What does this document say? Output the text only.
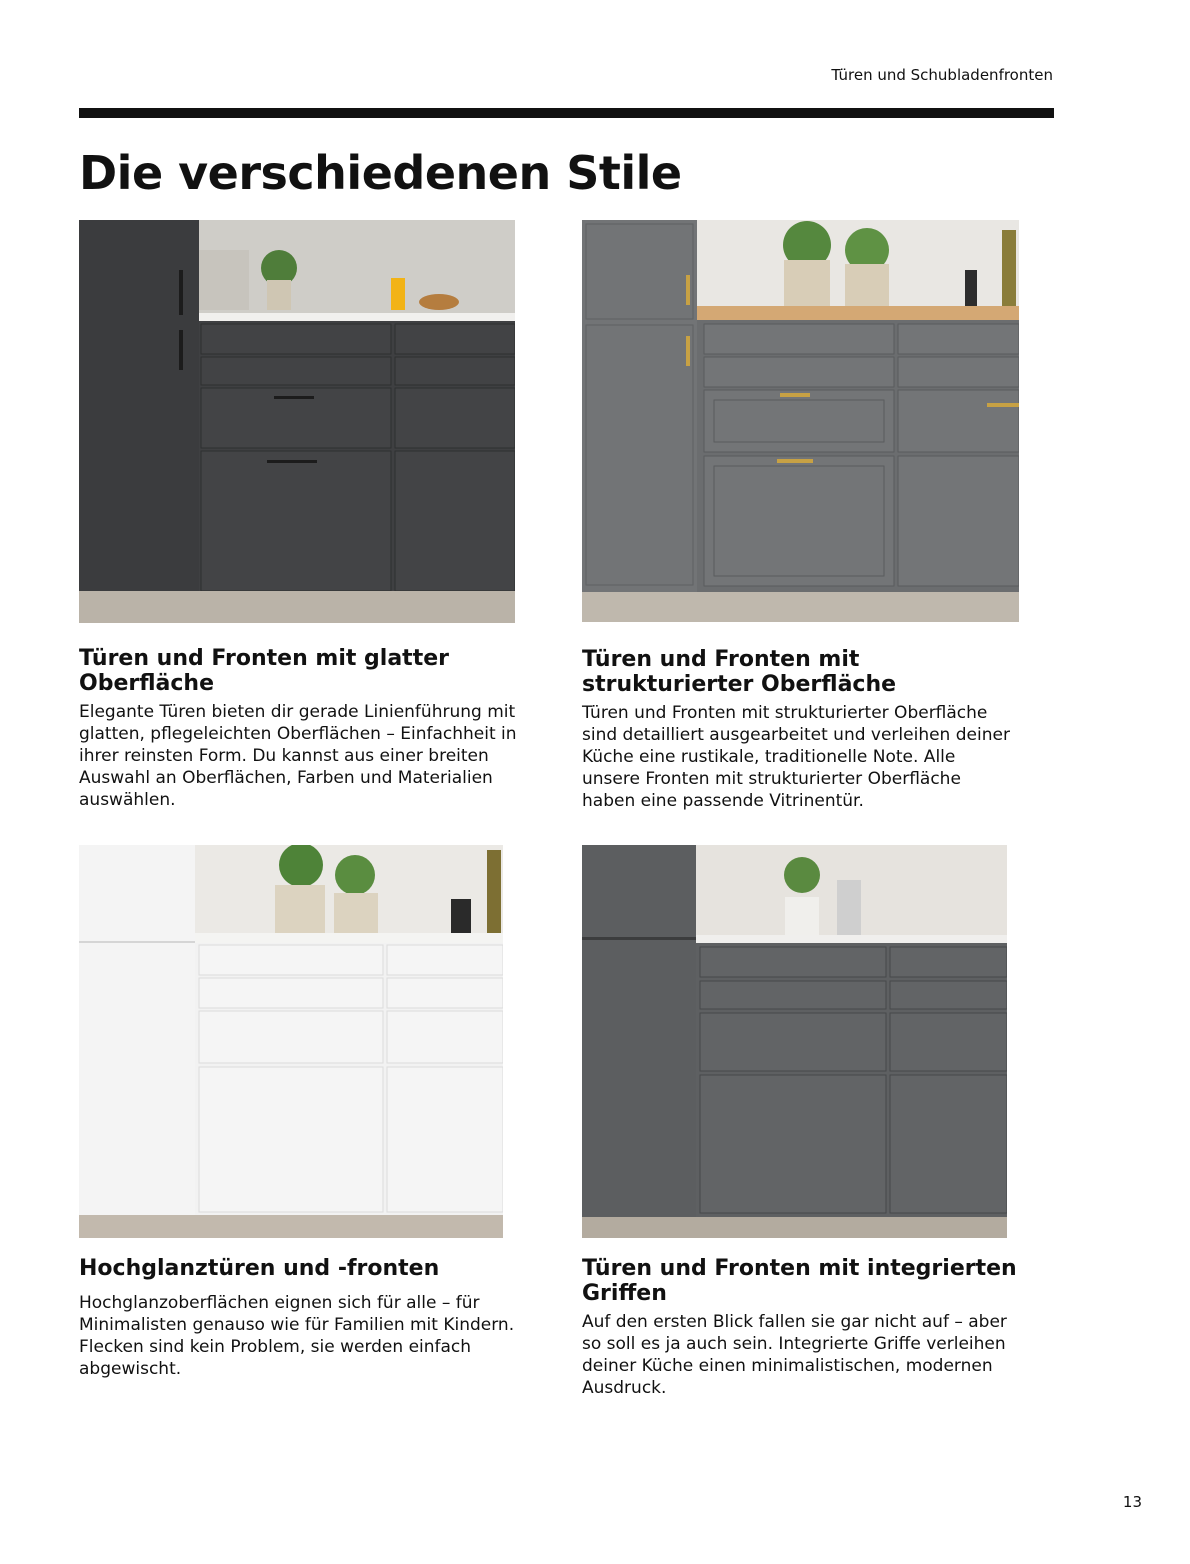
Türen und Schubladenfronten
Die verschiedenen Stile
Türen und Fronten mit glatter Oberfläche

Elegante Türen bieten dir gerade Linienführung mit glatten, pflegeleichten Oberflächen – Einfachheit in ihrer reinsten Form. Du kannst aus einer breiten Auswahl an Oberflächen, Farben und Materialien auswählen.

Türen und Fronten mit strukturierter Oberfläche

Türen und Fronten mit strukturierter Oberfläche sind detailliert ausgearbeitet und verleihen deiner Küche eine rustikale, traditionelle Note. Alle unsere Fronten mit strukturierter Oberfläche haben eine passende Vitrinentür.

Hochglanztüren und -fronten

Hochglanzoberflächen eignen sich für alle – für Minimalisten genauso wie für Familien mit Kindern. Flecken sind kein Problem, sie werden einfach abgewischt.

Türen und Fronten mit integrierten Griffen

Auf den ersten Blick fallen sie gar nicht auf – aber so soll es ja auch sein. Integrierte Griffe verleihen deiner Küche einen minimalistischen, modernen Ausdruck.

13
